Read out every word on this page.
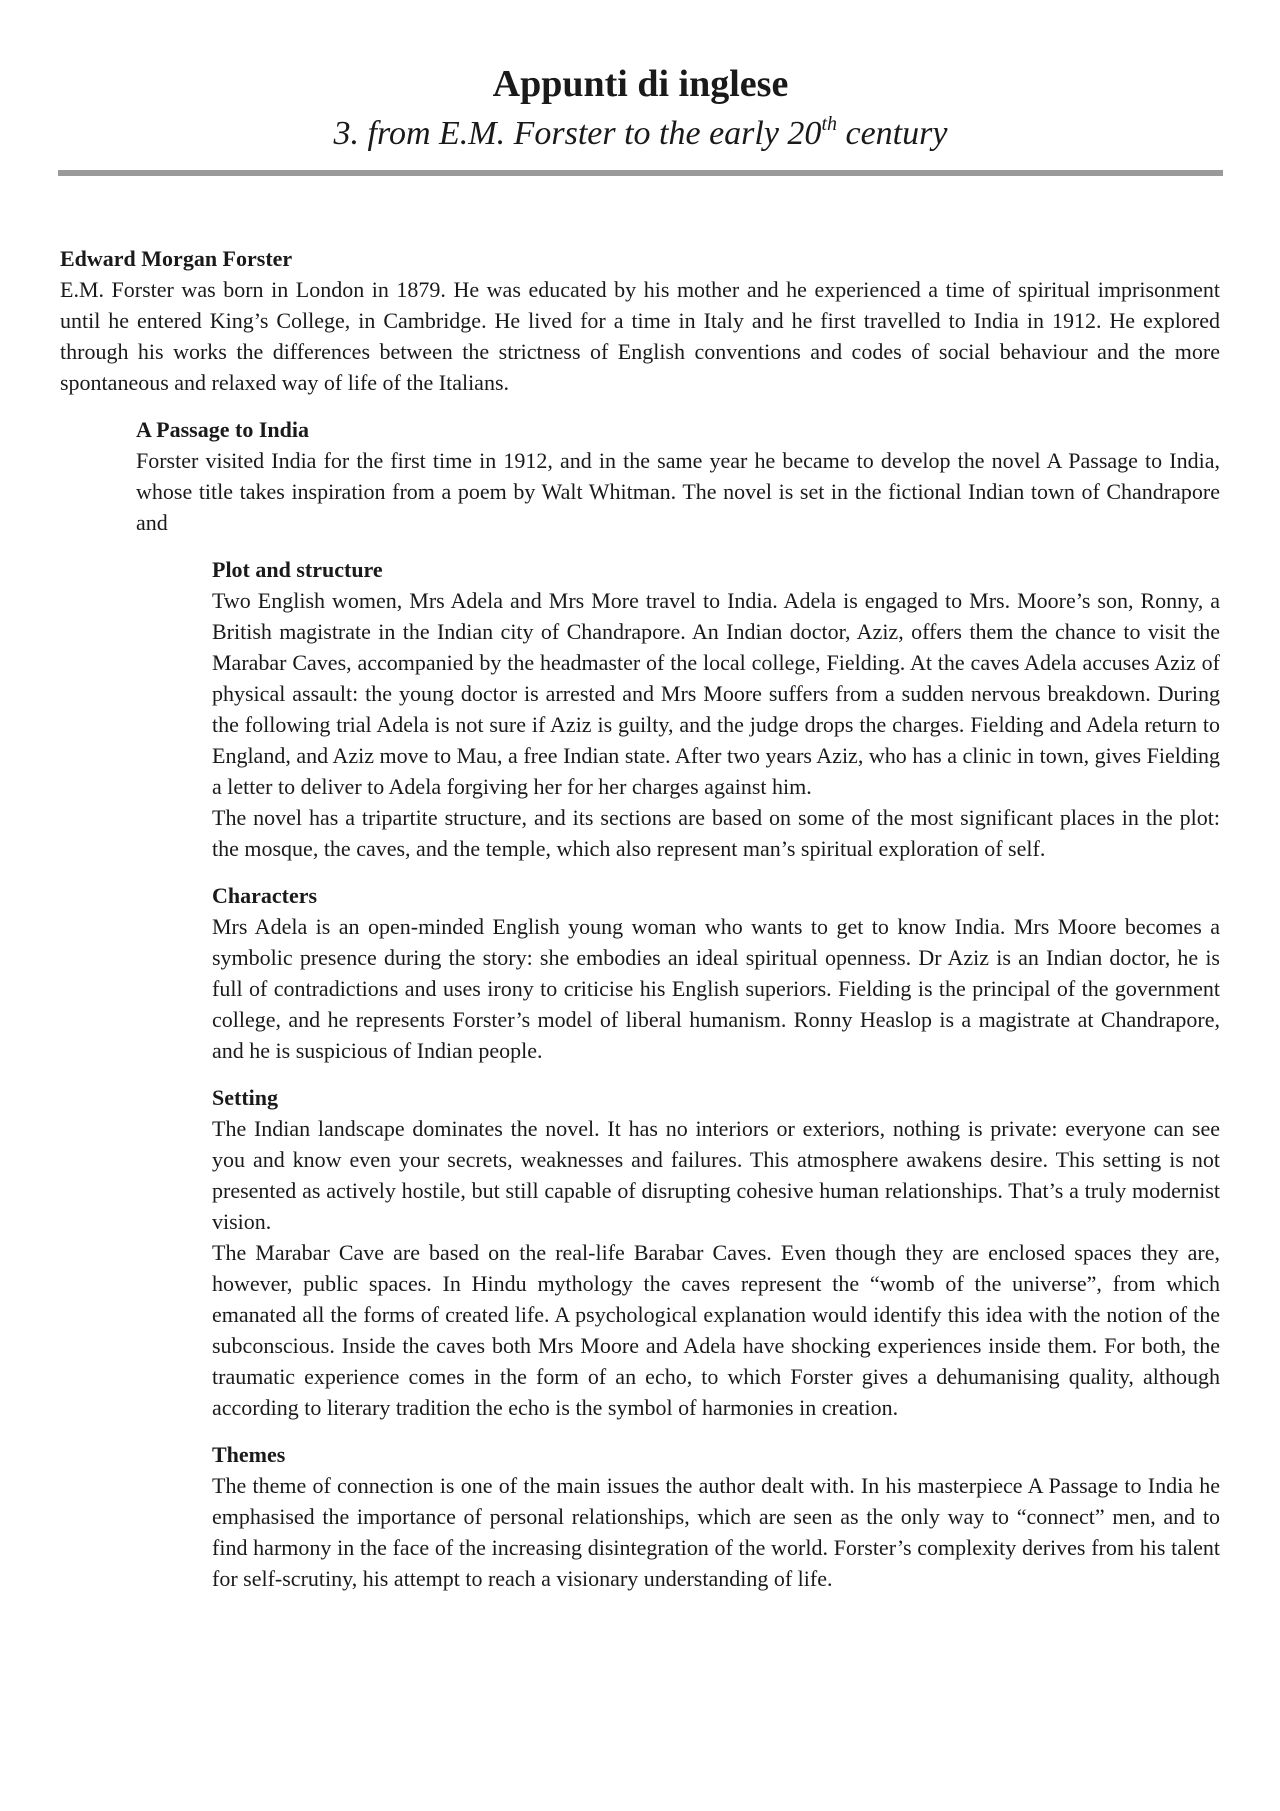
Appunti di inglese
3. from E.M. Forster to the early 20th century
Edward Morgan Forster

E.M. Forster was born in London in 1879. He was educated by his mother and he experienced a time of spiritual imprisonment until he entered King’s College, in Cambridge. He lived for a time in Italy and he first travelled to India in 1912. He explored through his works the differences between the strictness of English conventions and codes of social behaviour and the more spontaneous and relaxed way of life of the Italians.

A Passage to India

Forster visited India for the first time in 1912, and in the same year he became to develop the novel A Passage to India, whose title takes inspiration from a poem by Walt Whitman. The novel is set in the fictional Indian town of Chandrapore and

Plot and structure

Two English women, Mrs Adela and Mrs More travel to India. Adela is engaged to Mrs. Moore’s son, Ronny, a British magistrate in the Indian city of Chandrapore. An Indian doctor, Aziz, offers them the chance to visit the Marabar Caves, accompanied by the headmaster of the local college, Fielding. At the caves Adela accuses Aziz of physical assault: the young doctor is arrested and Mrs Moore suffers from a sudden nervous breakdown. During the following trial Adela is not sure if Aziz is guilty, and the judge drops the charges. Fielding and Adela return to England, and Aziz move to Mau, a free Indian state. After two years Aziz, who has a clinic in town, gives Fielding a letter to deliver to Adela forgiving her for her charges against him.

The novel has a tripartite structure, and its sections are based on some of the most significant places in the plot: the mosque, the caves, and the temple, which also represent man’s spiritual exploration of self.

Characters

Mrs Adela is an open-minded English young woman who wants to get to know India. Mrs Moore becomes a symbolic presence during the story: she embodies an ideal spiritual openness. Dr Aziz is an Indian doctor, he is full of contradictions and uses irony to criticise his English superiors. Fielding is the principal of the government college, and he represents Forster’s model of liberal humanism. Ronny Heaslop is a magistrate at Chandrapore, and he is suspicious of Indian people.

Setting

The Indian landscape dominates the novel. It has no interiors or exteriors, nothing is private: everyone can see you and know even your secrets, weaknesses and failures. This atmosphere awakens desire. This setting is not presented as actively hostile, but still capable of disrupting cohesive human relationships. That’s a truly modernist vision.

The Marabar Cave are based on the real-life Barabar Caves. Even though they are enclosed spaces they are, however, public spaces. In Hindu mythology the caves represent the “womb of the universe”, from which emanated all the forms of created life. A psychological explanation would identify this idea with the notion of the subconscious. Inside the caves both Mrs Moore and Adela have shocking experiences inside them. For both, the traumatic experience comes in the form of an echo, to which Forster gives a dehumanising quality, although according to literary tradition the echo is the symbol of harmonies in creation.

Themes

The theme of connection is one of the main issues the author dealt with. In his masterpiece A Passage to India he emphasised the importance of personal relationships, which are seen as the only way to “connect” men, and to find harmony in the face of the increasing disintegration of the world. Forster’s complexity derives from his talent for self-scrutiny, his attempt to reach a visionary understanding of life.
